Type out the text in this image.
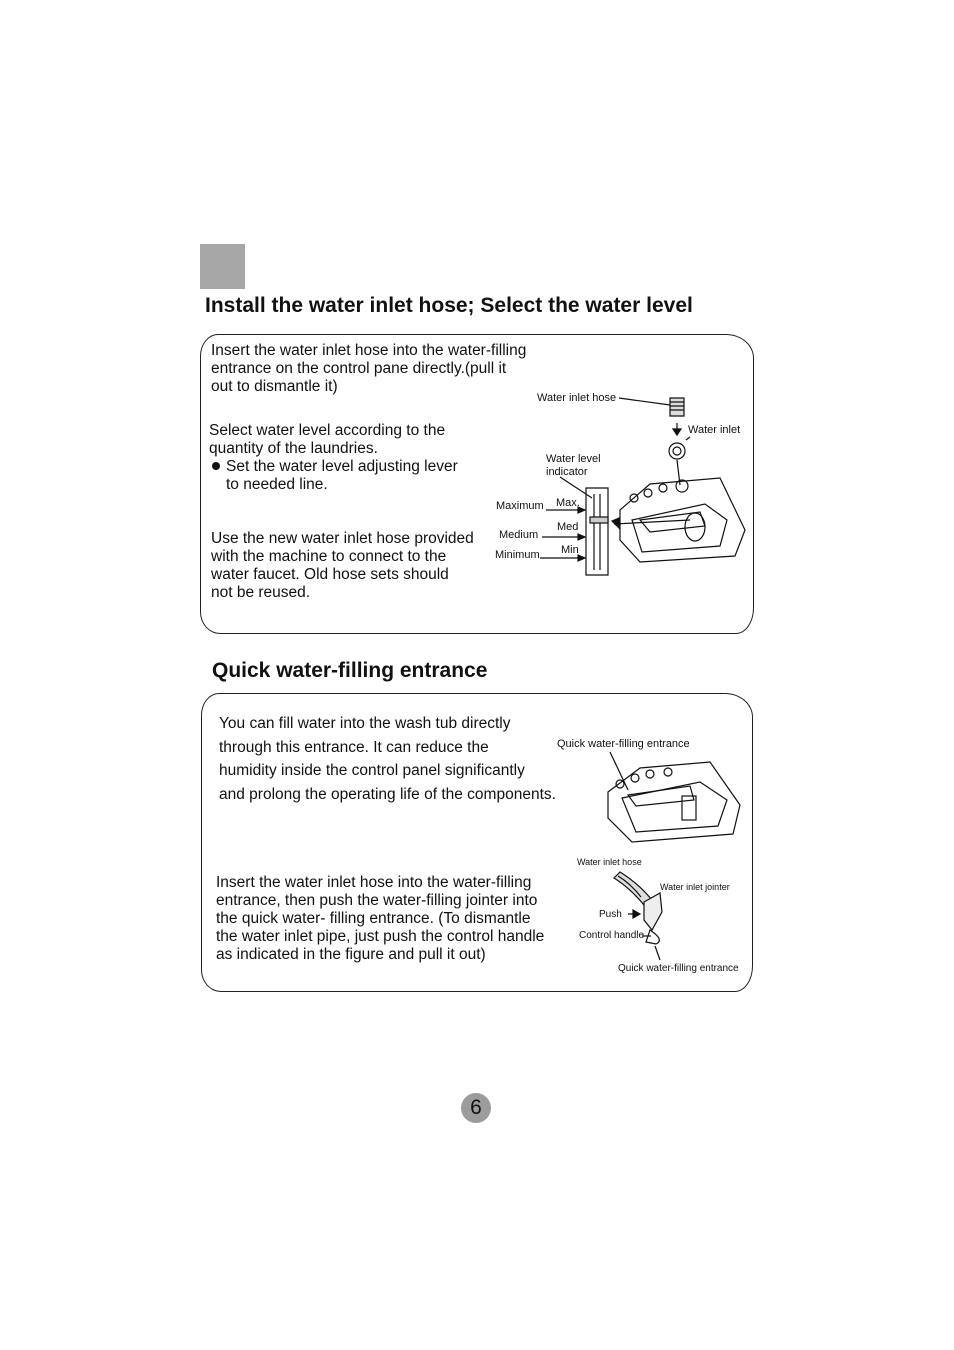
Install the water inlet hose; Select the water level
Insert the water inlet hose into the water-filling
entrance on the control pane directly.(pull it
out to dismantle it)
Select water level according to the
quantity of the laundries.
Set the water level adjusting lever
to needed line.
Use the new water inlet hose provided
with the machine to connect to the
water faucet. Old hose sets should
not be reused.
Water inlet hose
Water inlet
Water level
indicator
Maximum
Medium
Minimum
Max.
Med
Min
Quick water-filling entrance
You can fill water into the wash tub directly
through this entrance. It can reduce the
humidity inside the control panel significantly
and prolong the operating life of the components.
Insert the water inlet hose into the water-filling
entrance, then push the water-filling jointer into
the quick water- filling entrance. (To dismantle
the water inlet pipe, just push the control handle
as indicated in the figure and pull it out)
Quick water-filling entrance
Water inlet hose
Water inlet jointer
Push
Control handle
Quick water-filling entrance
6
